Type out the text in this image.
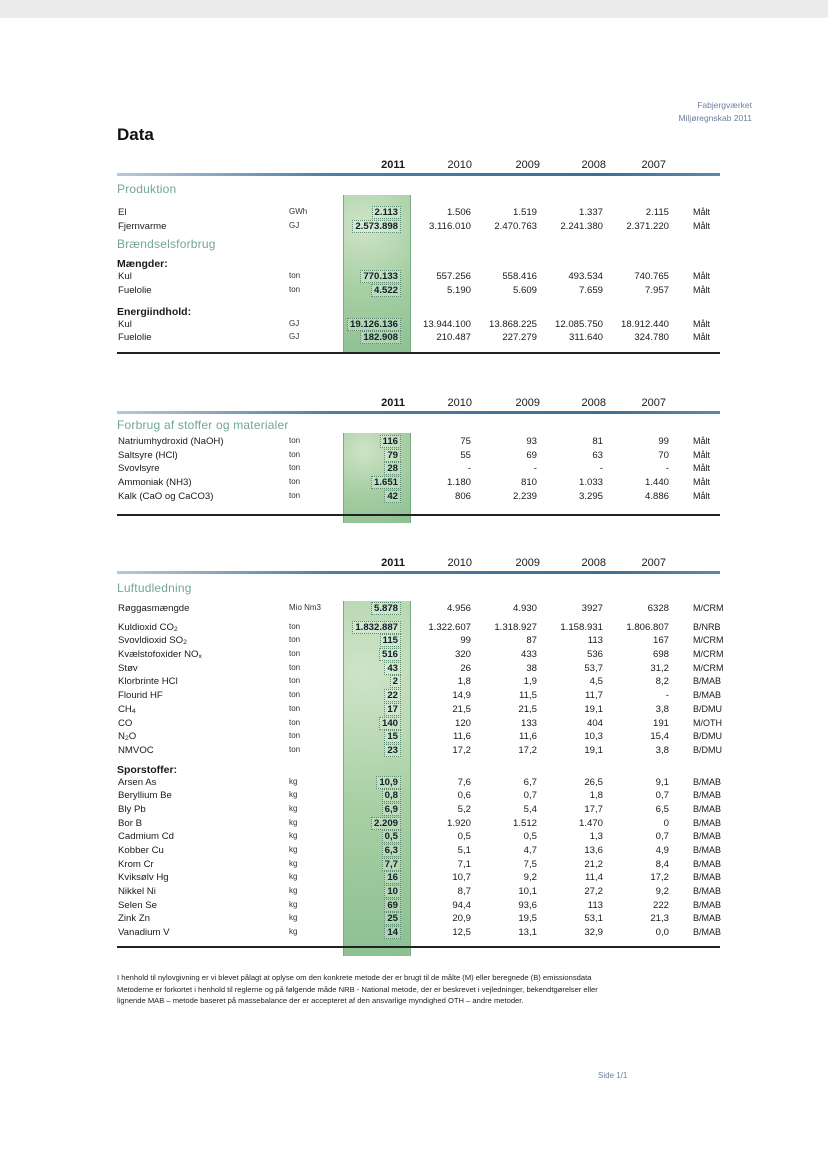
Fabjergværket
Miljøregnskab 2011
Data
2011	2010	2009	2008	2007
Produktion
El	GWh	2.113	1.506	1.519	1.337	2.115	Målt
Fjernvarme	GJ	2.573.898	3.116.010	2.470.763	2.241.380	2.371.220	Målt
Brændselsforbrug
Mængder:
Kul	ton	770.133	557.256	558.416	493.534	740.765	Målt
Fuelolie	ton	4.522	5.190	5.609	7.659	7.957	Målt
Energiindhold:
Kul	GJ	19.126.136	13.944.100	13.868.225	12.085.750	18.912.440	Målt
Fuelolie	GJ	182.908	210.487	227.279	311.640	324.780	Målt
2011	2010	2009	2008	2007
Forbrug af stoffer og materialer
Natriumhydroxid (NaOH)	ton	116	75	93	81	99	Målt
Saltsyre (HCl)	ton	79	55	69	63	70	Målt
Svovlsyre	ton	28	-	-	-	-	Målt
Ammoniak (NH3)	ton	1.651	1.180	810	1.033	1.440	Målt
Kalk (CaO og CaCO3)	ton	42	806	2.239	3.295	4.886	Målt
2011	2010	2009	2008	2007
Luftudledning
Røggasmængde	Mio Nm3	5.878	4.956	4.930	3927	6328	M/CRM
Kuldioxid $CO_2$	ton	1.832.887	1.322.607	1.318.927	1.158.931	1.806.807	B/NRB
Svovldioxid $SO_2$	ton	115	99	87	113	167	M/CRM
Kvælstofoxider $NO_x$	ton	516	320	433	536	698	M/CRM
Støv	ton	43	26	38	53,7	31,2	M/CRM
Klorbrinte HCl	ton	2	1,8	1,9	4,5	8,2	B/MAB
Flourid HF	ton	22	14,9	11,5	11,7	-	B/MAB
$CH_4$	ton	17	21,5	21,5	19,1	3,8	B/DMU
CO	ton	140	120	133	404	191	M/OTH
$N_2O$	ton	15	11,6	11,6	10,3	15,4	B/DMU
NMVOC	ton	23	17,2	17,2	19,1	3,8	B/DMU
Sporstoffer:
Arsen As	kg	10,9	7,6	6,7	26,5	9,1	B/MAB
Beryllium Be	kg	0,8	0,6	0,7	1,8	0,7	B/MAB
Bly Pb	kg	6,9	5,2	5,4	17,7	6,5	B/MAB
Bor B	kg	2.209	1.920	1.512	1.470	0	B/MAB
Cadmium Cd	kg	0,5	0,5	0,5	1,3	0,7	B/MAB
Kobber Cu	kg	6,3	5,1	4,7	13,6	4,9	B/MAB
Krom Cr	kg	7,7	7,1	7,5	21,2	8,4	B/MAB
Kviksølv Hg	kg	16	10,7	9,2	11,4	17,2	B/MAB
Nikkel Ni	kg	10	8,7	10,1	27,2	9,2	B/MAB
Selen Se	kg	69	94,4	93,6	113	222	B/MAB
Zink Zn	kg	25	20,9	19,5	53,1	21,3	B/MAB
Vanadium V	kg	14	12,5	13,1	32,9	0,0	B/MAB
I henhold til nylovgivning er vi blevet pålagt at oplyse om den konkrete metode der er brugt til de målte (M) eller beregnede (B) emissionsdata
Metoderne er forkortet i henhold til reglerne og på følgende måde NRB - National metode, der er beskrevet i vejledninger, bekendtgørelser eller
lignende MAB – metode baseret på massebalance der er accepteret af den ansvarlige myndighed OTH – andre metoder.
Side 1/1
